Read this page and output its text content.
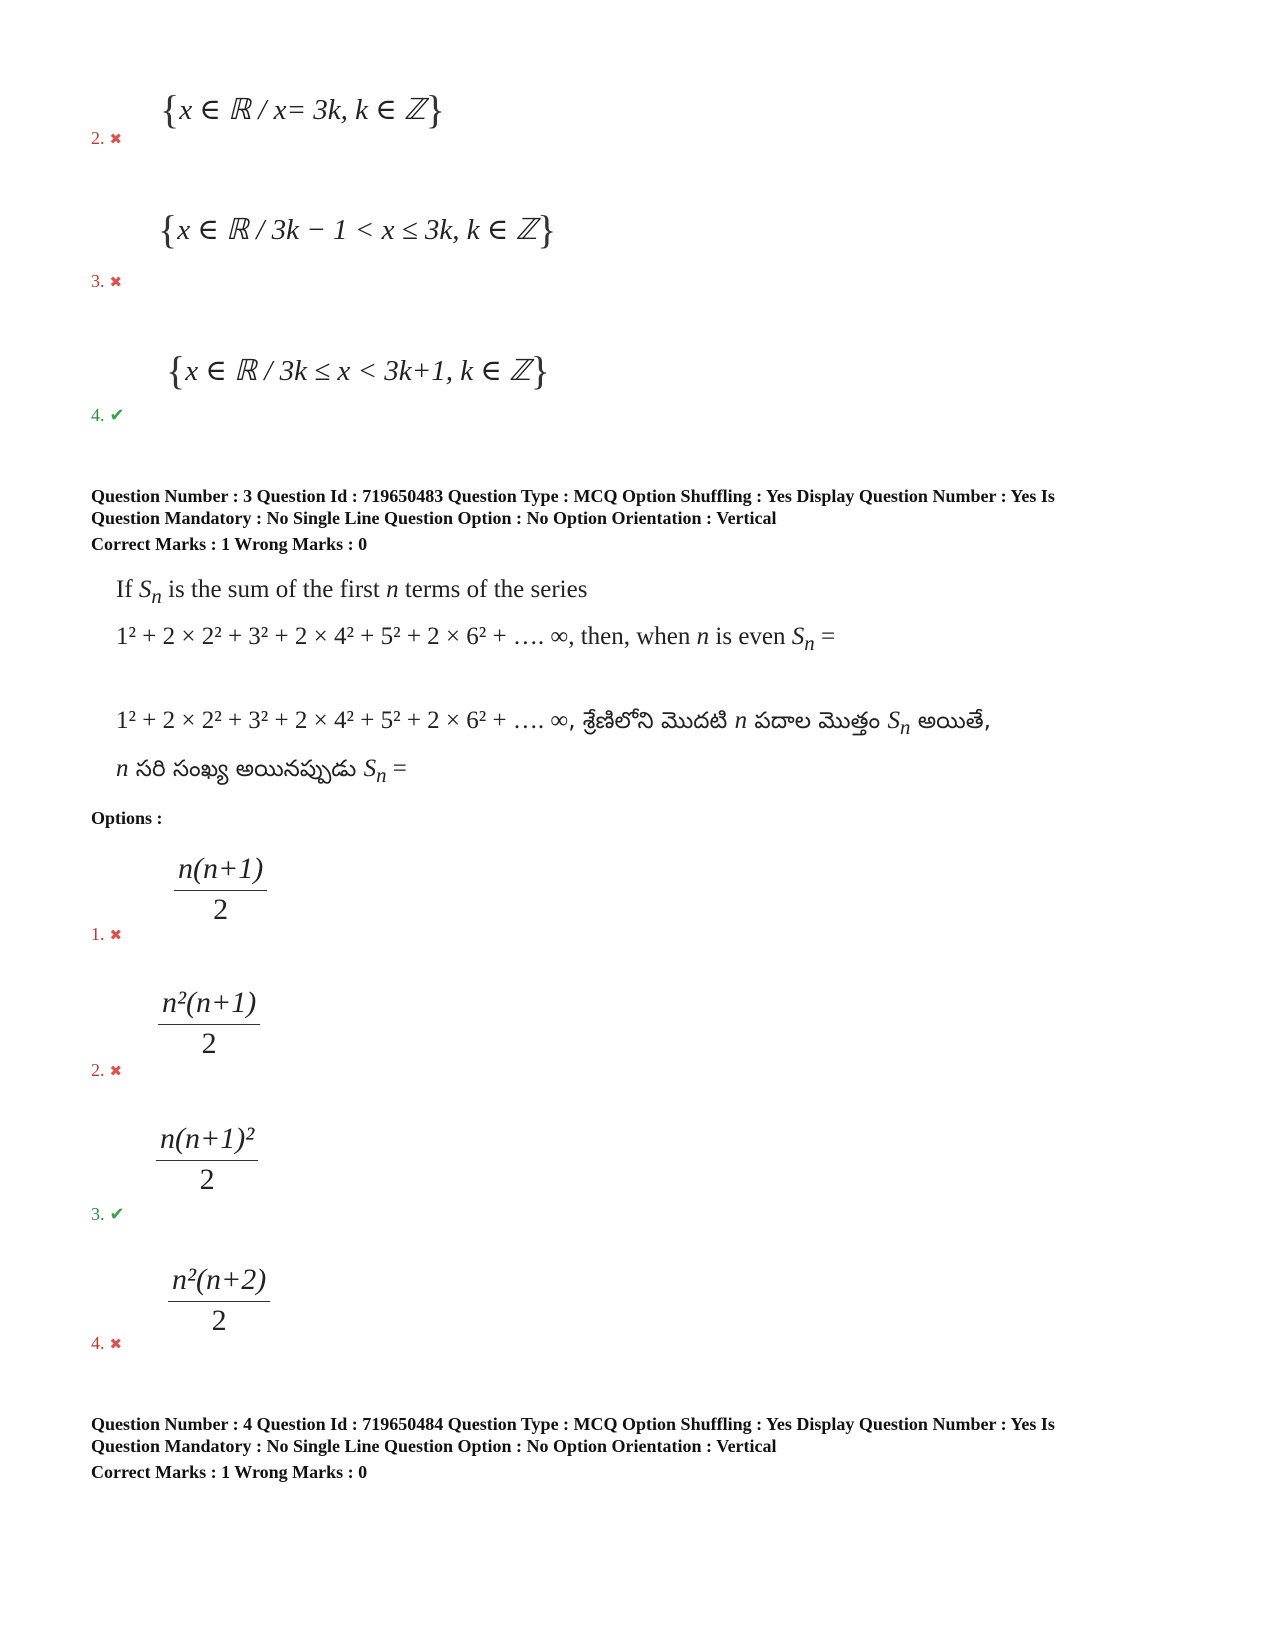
{x ∈ ℝ / x= 3k, k ∈ ℤ}
2. ✖
{x ∈ ℝ / 3k − 1 < x ≤ 3k, k ∈ ℤ}
3. ✖
{x ∈ ℝ / 3k ≤ x < 3k+1, k ∈ ℤ}
4. ✔
Question Number : 3 Question Id : 719650483 Question Type : MCQ Option Shuffling : Yes Display Question Number : Yes Is
Question Mandatory : No Single Line Question Option : No Option Orientation : Vertical
Correct Marks : 1 Wrong Marks : 0
If $S_n$ is the sum of the first n terms of the series
1² + 2 × 2² + 3² + 2 × 4² + 5² + 2 × 6² + …. ∞, then, when n is even $S_n$ =
1² + 2 × 2² + 3² + 2 × 4² + 5² + 2 × 6² + …. ∞, శ్రేణిలోని మొదటి n పదాల మొత్తం $S_n$ అయితే,
n సరి సంఖ్య అయినప్పుడు $S_n$ =
Options :
$\frac{n(n+1)}{2}$
1. ✖
$\frac{\text{n²(n+1)}}{2}$
2. ✖
$\frac{\text{n(n+1)²}}{2}$
3. ✔
$\frac{\text{n²(n+2)}}{2}$
4. ✖
Question Number : 4 Question Id : 719650484 Question Type : MCQ Option Shuffling : Yes Display Question Number : Yes Is
Question Mandatory : No Single Line Question Option : No Option Orientation : Vertical
Correct Marks : 1 Wrong Marks : 0
